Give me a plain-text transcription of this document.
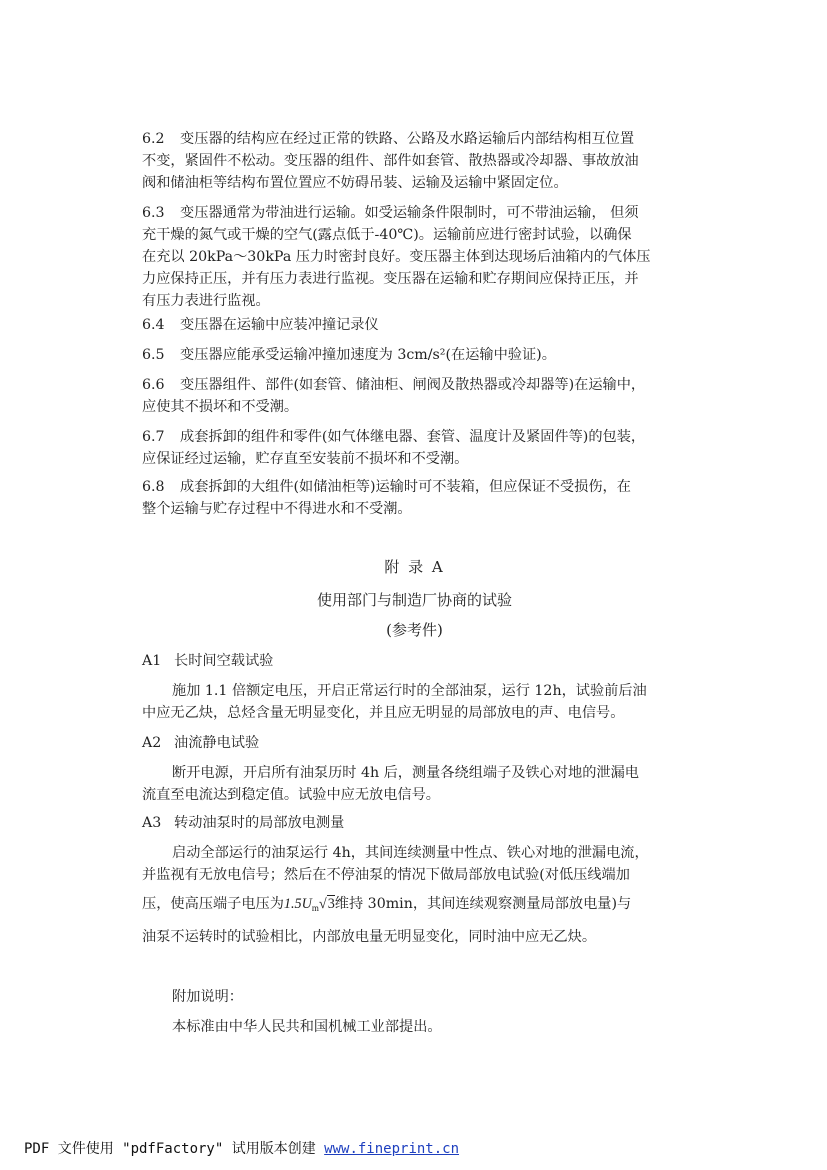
6.2 变压器的结构应在经过正常的铁路、公路及水路运输后内部结构相互位置
不变，紧固件不松动。变压器的组件、部件如套管、散热器或冷却器、事故放油
阀和储油柜等结构布置位置应不妨碍吊装、运输及运输中紧固定位。
6.3 变压器通常为带油进行运输。如受运输条件限制时，可不带油运输， 但须
充干燥的氮气或干燥的空气(露点低于-40℃)。运输前应进行密封试验，以确保
在充以 20kPa～30kPa 压力时密封良好。变压器主体到达现场后油箱内的气体压
力应保持正压，并有压力表进行监视。变压器在运输和贮存期间应保持正压，并
有压力表进行监视。
6.4 变压器在运输中应装冲撞记录仪
6.5 变压器应能承受运输冲撞加速度为 3cm/s²(在运输中验证)。
6.6 变压器组件、部件(如套管、储油柜、闸阀及散热器或冷却器等)在运输中，
应使其不损坏和不受潮。
6.7 成套拆卸的组件和零件(如气体继电器、套管、温度计及紧固件等)的包装，
应保证经过运输，贮存直至安装前不损坏和不受潮。
6.8 成套拆卸的大组件(如储油柜等)运输时可不装箱，但应保证不受损伤，在
整个运输与贮存过程中不得进水和不受潮。
附 录 A
使用部门与制造厂协商的试验
(参考件)
A1 长时间空载试验
施加 1.1 倍额定电压，开启正常运行时的全部油泵，运行 12h，试验前后油
中应无乙炔，总烃含量无明显变化，并且应无明显的局部放电的声、电信号。
A2 油流静电试验
断开电源，开启所有油泵历时 4h 后，测量各绕组端子及铁心对地的泄漏电
流直至电流达到稳定值。试验中应无放电信号。
A3 转动油泵时的局部放电测量
启动全部运行的油泵运行 4h，其间连续测量中性点、铁心对地的泄漏电流，
并监视有无放电信号；然后在不停油泵的情况下做局部放电试验(对低压线端加
压，使高压端子电压为$1.5U_m√3$维持 30min，其间连续观察测量局部放电量)与
油泵不运转时的试验相比，内部放电量无明显变化，同时油中应无乙炔。
附加说明：
本标准由中华人民共和国机械工业部提出。
PDF 文件使用 "pdfFactory" 试用版本创建 www.fineprint.cn
